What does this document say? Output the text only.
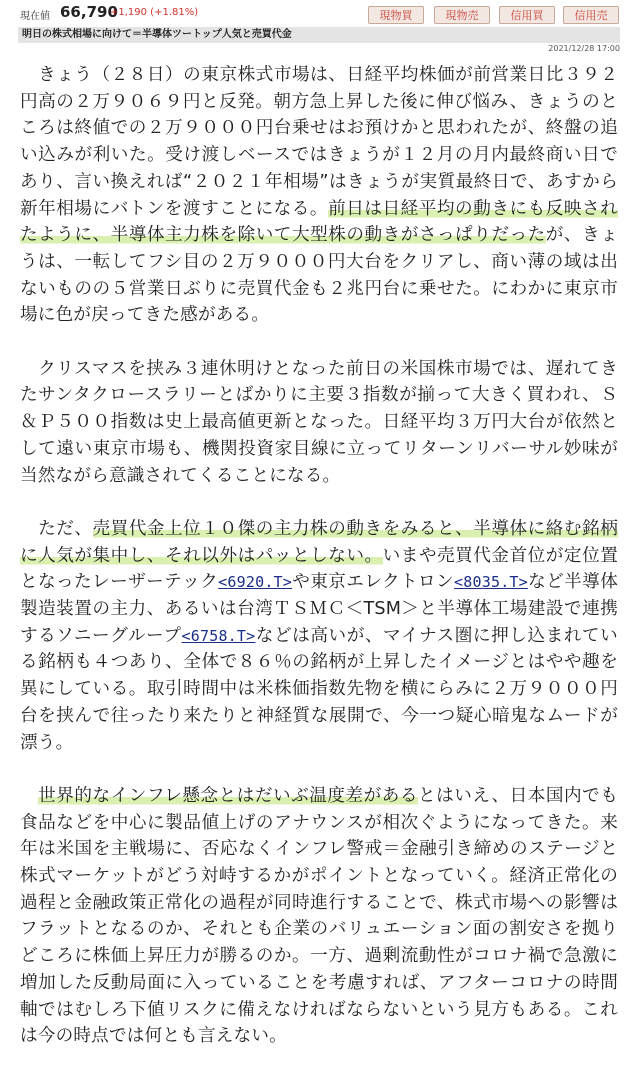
現在値 66,790
+1,190 (+1.81%)	現物買	現物売	信用買	信用売
明日の株式相場に向けて＝半導体ツートップ人気と売買代金
2021/12/28 17:00

　きょう（２８日）の東京株式市場は、日経平均株価が前営業日比３９２円高の２万９０６９円と反発。朝方急上昇した後に伸び悩み、きょうのところは終値での２万９０００円台乗せはお預けかと思われたが、終盤の追い込みが利いた。受け渡しベースではきょうが１２月の月内最終商い日であり、言い換えれば“２０２１年相場”はきょうが実質最終日で、あすから新年相場にバトンを渡すことになる。前日は日経平均の動きにも反映されたように、半導体主力株を除いて大型株の動きがさっぱりだったが、きょうは、一転してフシ目の２万９０００円大台をクリアし、商い薄の域は出ないものの５営業日ぶりに売買代金も２兆円台に乗せた。にわかに東京市場に色が戻ってきた感がある。

　クリスマスを挟み３連休明けとなった前日の米国株市場では、遅れてきたサンタクロースラリーとばかりに主要３指数が揃って大きく買われ、Ｓ＆Ｐ５００指数は史上最高値更新となった。日経平均３万円大台が依然として遠い東京市場も、機関投資家目線に立ってリターンリバーサル妙味が当然ながら意識されてくることになる。

　ただ、売買代金上位１０傑の主力株の動きをみると、半導体に絡む銘柄に人気が集中し、それ以外はパッとしない。いまや売買代金首位が定位置となったレーザーテック<6920.T>や東京エレクトロン<8035.T>など半導体製造装置の主力、あるいは台湾ＴＳＭＣ＜TSM＞と半導体工場建設で連携するソニーグループ<6758.T>などは高いが、マイナス圏に押し込まれている銘柄も４つあり、全体で８６％の銘柄が上昇したイメージとはやや趣を異にしている。取引時間中は米株価指数先物を横にらみに２万９０００円台を挟んで往ったり来たりと神経質な展開で、今一つ疑心暗鬼なムードが漂う。

　世界的なインフレ懸念とはだいぶ温度差があるとはいえ、日本国内でも食品などを中心に製品値上げのアナウンスが相次ぐようになってきた。来年は米国を主戦場に、否応なくインフレ警戒＝金融引き締めのステージと株式マーケットがどう対峙するかがポイントとなっていく。経済正常化の過程と金融政策正常化の過程が同時進行することで、株式市場への影響はフラットとなるのか、それとも企業のバリュエーション面の割安さを拠りどころに株価上昇圧力が勝るのか。一方、過剰流動性がコロナ禍で急激に増加した反動局面に入っていることを考慮すれば、アフターコロナの時間軸ではむしろ下値リスクに備えなければならないという見方もある。これは今の時点では何とも言えない。
